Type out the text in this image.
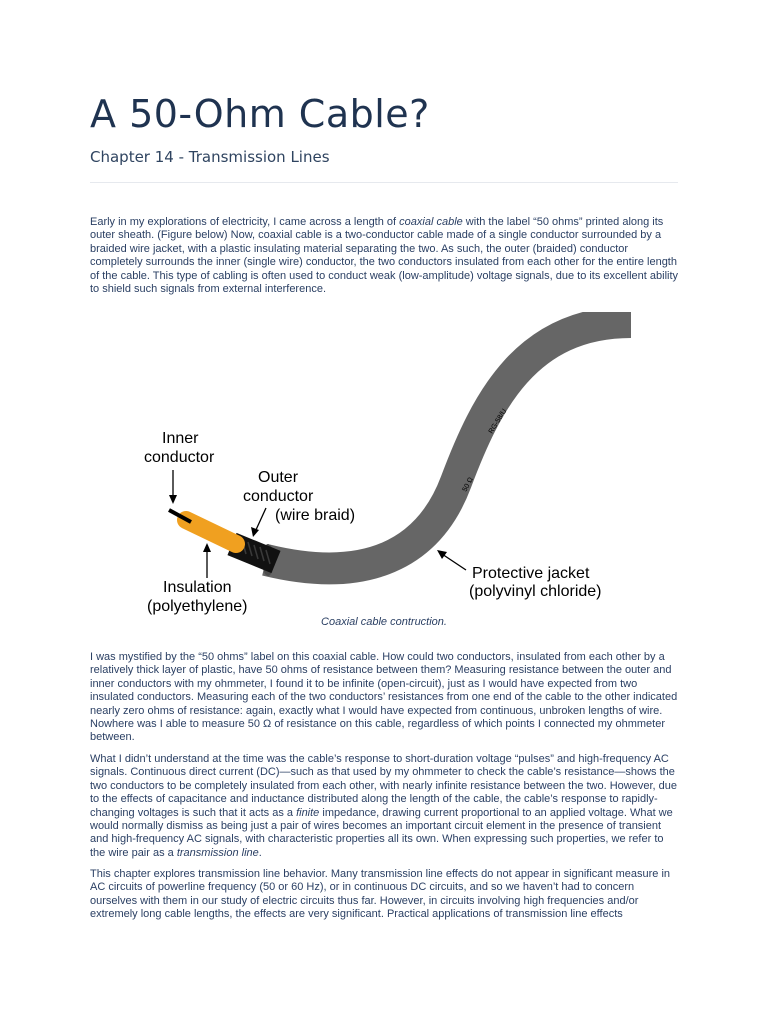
A 50-Ohm Cable?
Chapter 14 - Transmission Lines

Early in my explorations of electricity, I came across a length of coaxial cable with the label “50 ohms” printed along its outer sheath. (Figure below) Now, coaxial cable is a two-conductor cable made of a single conductor surrounded by a braided wire jacket, with a plastic insulating material separating the two. As such, the outer (braided) conductor completely surrounds the inner (single wire) conductor, the two conductors insulated from each other for the entire length of the cable. This type of cabling is often used to conduct weak (low-amplitude) voltage signals, due to its excellent ability to shield such signals from external interference.

Coaxial cable contruction.

I was mystified by the “50 ohms” label on this coaxial cable. How could two conductors, insulated from each other by a relatively thick layer of plastic, have 50 ohms of resistance between them? Measuring resistance between the outer and inner conductors with my ohmmeter, I found it to be infinite (open-circuit), just as I would have expected from two insulated conductors. Measuring each of the two conductors’ resistances from one end of the cable to the other indicated nearly zero ohms of resistance: again, exactly what I would have expected from continuous, unbroken lengths of wire. Nowhere was I able to measure 50 Ω of resistance on this cable, regardless of which points I connected my ohmmeter between.

What I didn’t understand at the time was the cable’s response to short-duration voltage “pulses” and high-frequency AC signals. Continuous direct current (DC)—such as that used by my ohmmeter to check the cable’s resistance—shows the two conductors to be completely insulated from each other, with nearly infinite resistance between the two. However, due to the effects of capacitance and inductance distributed along the length of the cable, the cable’s response to rapidly-changing voltages is such that it acts as a finite impedance, drawing current proportional to an applied voltage. What we would normally dismiss as being just a pair of wires becomes an important circuit element in the presence of transient and high-frequency AC signals, with characteristic properties all its own. When expressing such properties, we refer to the wire pair as a transmission line.

This chapter explores transmission line behavior. Many transmission line effects do not appear in significant measure in AC circuits of powerline frequency (50 or 60 Hz), or in continuous DC circuits, and so we haven’t had to concern ourselves with them in our study of electric circuits thus far. However, in circuits involving high frequencies and/or extremely long cable lengths, the effects are very significant. Practical applications of transmission line effects

RG-58/U
50 Ω
Inner
conductor
Outer
conductor
(wire braid)
Insulation
(polyethylene)
Protective jacket
(polyvinyl chloride)
